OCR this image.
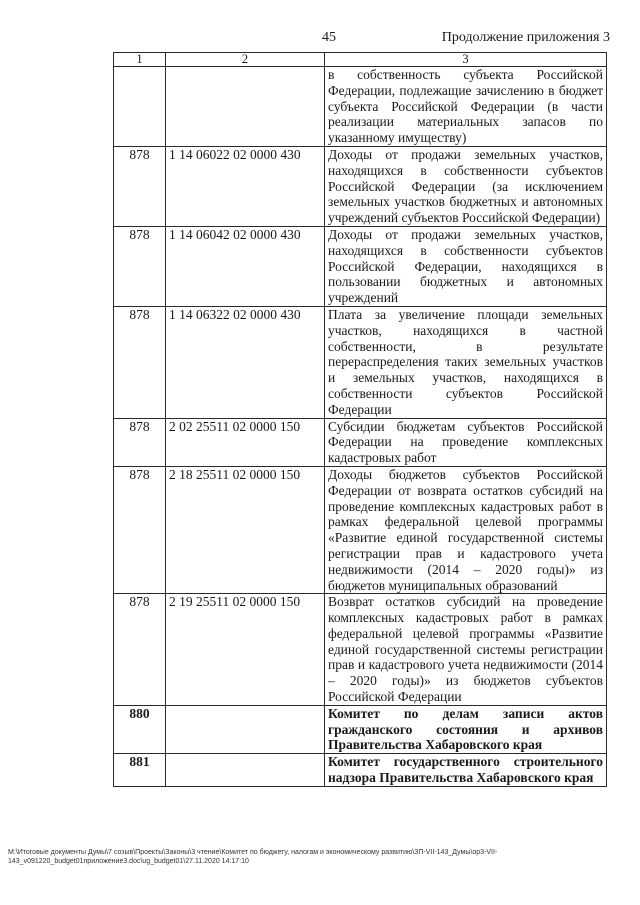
45	Продолжение приложения 3
1	2	3
		в собственность субъекта Российской Федерации, подлежащие зачислению в бюджет субъекта Российской Федерации (в части реализации материальных запасов по указанному имуществу)
878	1 14 06022 02 0000 430	Доходы от продажи земельных участков, находящихся в собственности субъектов Российской Федерации (за исключением земельных участков бюджетных и автономных учреждений субъектов Российской Федерации)
878	1 14 06042 02 0000 430	Доходы от продажи земельных участков, находящихся в собственности субъектов Российской Федерации, находящихся в пользовании бюджетных и автономных учреждений
878	1 14 06322 02 0000 430	Плата за увеличение площади земельных участков, находящихся в частной собственности, в результате перераспределения таких земельных участков и земельных участков, находящихся в собственности субъектов Российской Федерации
878	2 02 25511 02 0000 150	Субсидии бюджетам субъектов Российской Федерации на проведение комплексных кадастровых работ
878	2 18 25511 02 0000 150	Доходы бюджетов субъектов Российской Федерации от возврата остатков субсидий на проведение комплексных кадастровых работ в рамках федеральной целевой программы «Развитие единой государственной системы регистрации прав и кадастрового учета недвижимости (2014 – 2020 годы)» из бюджетов муниципальных образований
878	2 19 25511 02 0000 150	Возврат остатков субсидий на проведение комплексных кадастровых работ в рамках федеральной целевой программы «Развитие единой государственной системы регистрации прав и кадастрового учета недвижимости (2014 – 2020 годы)» из бюджетов субъектов Российской Федерации
880		Комитет по делам записи актов гражданского состояния и архивов Правительства Хабаровского края
881		Комитет государственного строительного надзора Правительства Хабаровского края
M:\Итоговые документы Думы\7 созыв\Проекты\Законы\3 чтение\Комитет по бюджету, налогам и экономическому развитию\ЗП-VII-143_Думы\ор3-VII-143_v091220_budget01приложение3.doc\ug_budget01\27.11.2020 14:17:10
